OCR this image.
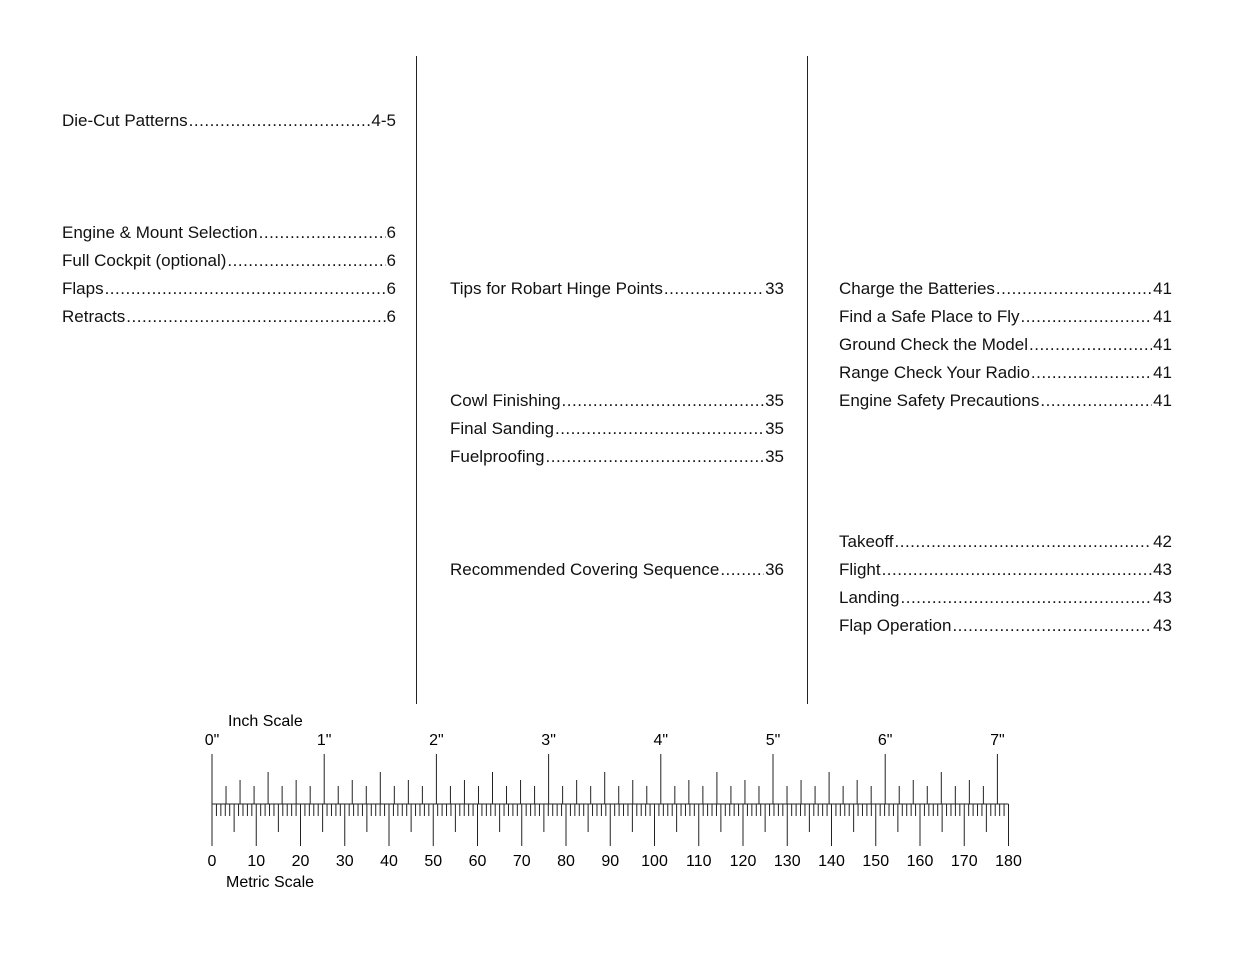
Die-Cut Patterns .....	4-5
Engine & Mount Selection .....	6
Full Cockpit (optional) .....	6
Flaps .....	6
Retracts .....	6
Tips for Robart Hinge Points .....	33
Cowl Finishing .....	35
Final Sanding .....	35
Fuelproofing .....	35
Recommended Covering Sequence .....	36
Charge the Batteries .....	41
Find a Safe Place to Fly .....	41
Ground Check the Model .....	41
Range Check Your Radio .....	41
Engine Safety Precautions .....	41
Takeoff .....	42
Flight .....	43
Landing .....	43
Flap Operation .....	43
Inch Scale
Metric Scale
0"	1"	2"	3"	4"	5"	6"	7"
0 10 20 30 40 50 60 70 80 90 100 110 120 130 140 150 160 170 180
